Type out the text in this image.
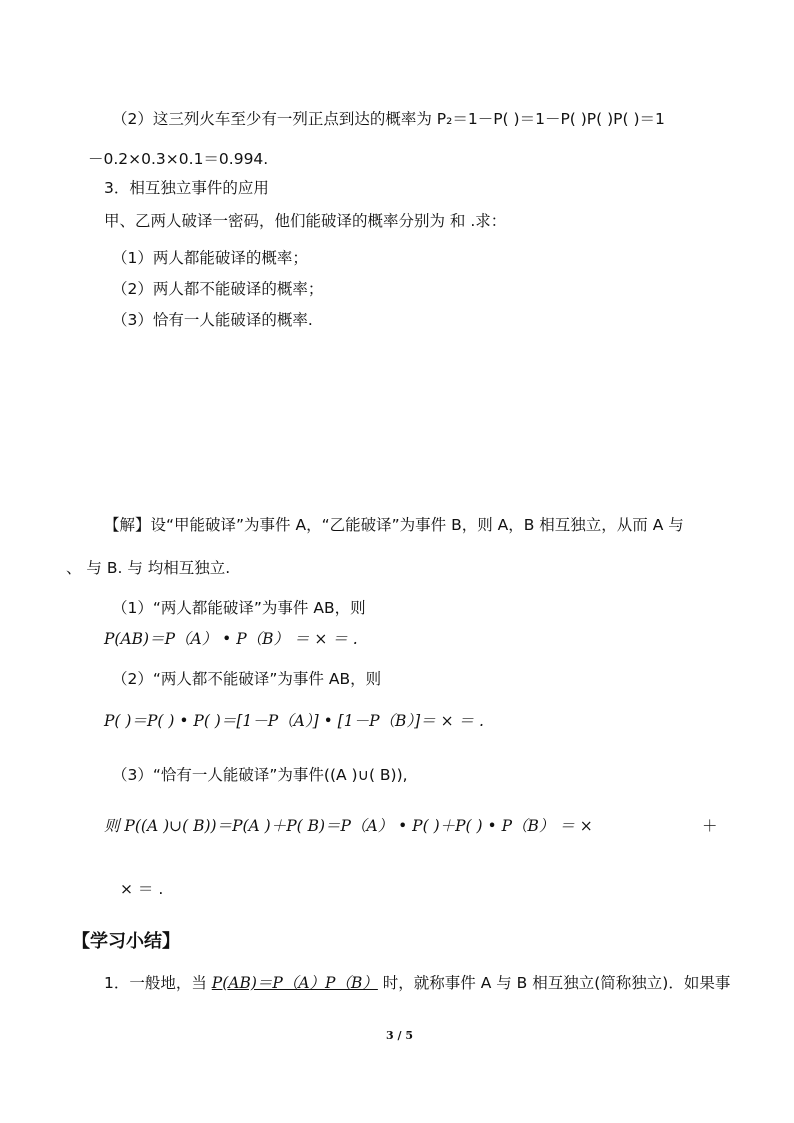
（2）这三列火车至少有一列正点到达的概率为 P₂＝1－P( )＝1－P( )P( )P( )＝1
－0.2×0.3×0.1＝0.994.
3．相互独立事件的应用
甲、乙两人破译一密码，他们能破译的概率分别为 和 .求：
（1）两人都能破译的概率；
（2）两人都不能破译的概率；
（3）恰有一人能破译的概率.
【解】设“甲能破译”为事件 A，“乙能破译”为事件 B，则 A，B 相互独立，从而 A 与
、 与 B. 与 均相互独立.
（1）“两人都能破译”为事件 AB，则
P(AB)＝P（A） • P（B） ＝ × ＝ .
（2）“两人都不能破译”为事件 AB，则
P( )＝P( ) • P( )＝[1－P（A）] • [1－P（B）]＝ × ＝ .
（3）“恰有一人能破译”为事件((A )∪( B)),
则 P((A )∪( B))＝P(A )＋P( B)＝P（A） • P( )＋P( ) • P（B） ＝ ×	＋
× ＝ .
【学习小结】
1．一般地，当 P(AB)＝P（A）P（B） 时，就称事件 A 与 B 相互独立(简称独立)．如果事
3 / 5
